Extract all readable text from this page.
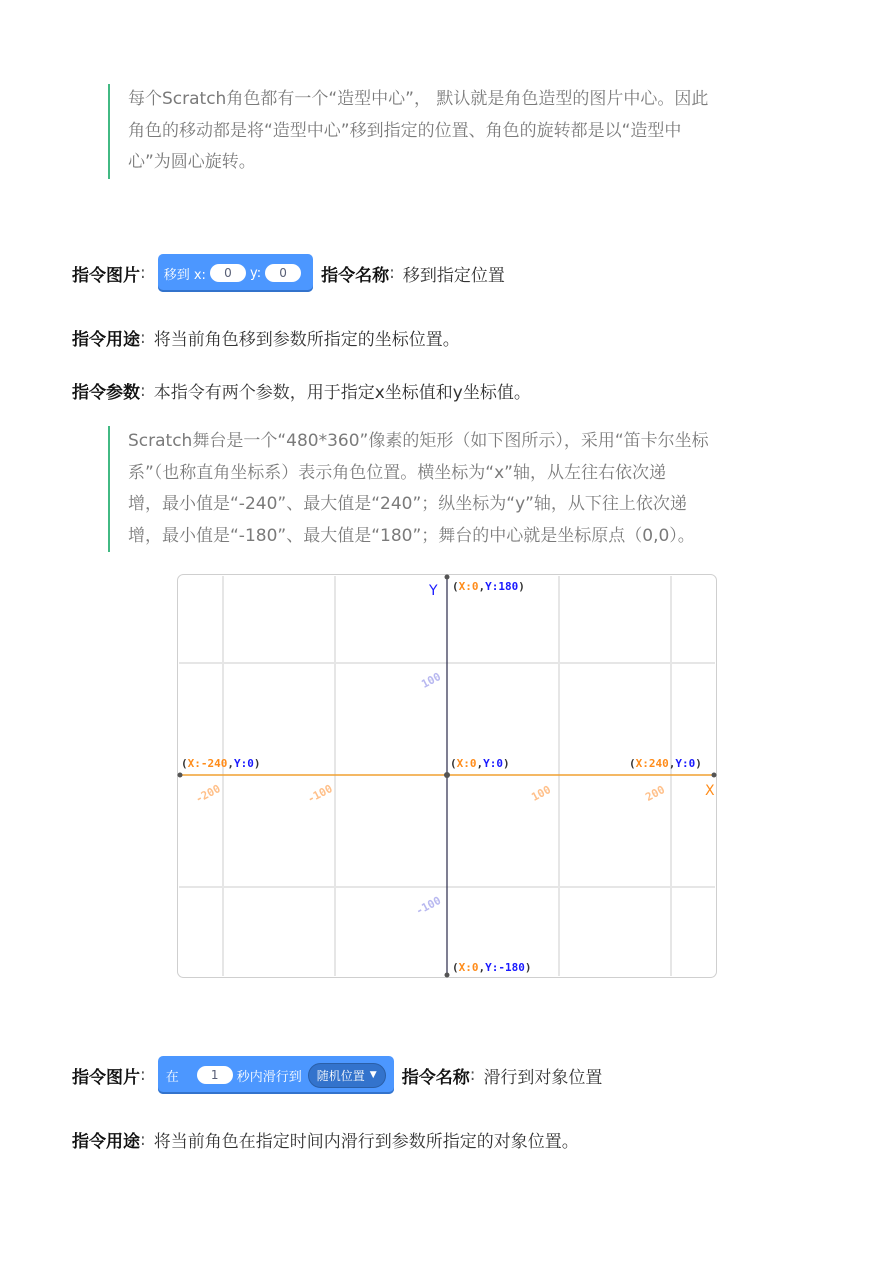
每个Scratch角色都有一个“造型中心”， 默认就是角色造型的图片中心。因此

角色的移动都是将“造型中心”移到指定的位置、角色的旋转都是以“造型中

心”为圆心旋转。

指令图片 : 移到 x:	0	y:	0	指令名称 : 移到指定位置
指令用途 : 将当前角色移到参数所指定的坐标位置。
指令参数 : 本指令有两个参数，用于指定x坐标值和y坐标值。

Scratch舞台是一个“480*360”像素的矩形（如下图所示），采用“笛卡尔坐标

系”（也称直角坐标系）表示角色位置。横坐标为“x”轴，从左往右依次递

增，最小值是“-240”、最大值是“240”；纵坐标为“y”轴，从下往上依次递

增，最小值是“-180”、最大值是“180”；舞台的中心就是坐标原点（0,0）。

X
Y
-200	-100	100	200
100
-100
(X:0,Y:180)
(X:-240,Y:0)	(X:0,Y:0)	(X:240,Y:0)
(X:0,Y:-180)
指令图片 : 在	1	秒内滑行到 随机位置 ▼ 指令名称 : 滑行到对象位置
指令用途 : 将当前角色在指定时间内滑行到参数所指定的对象位置。
